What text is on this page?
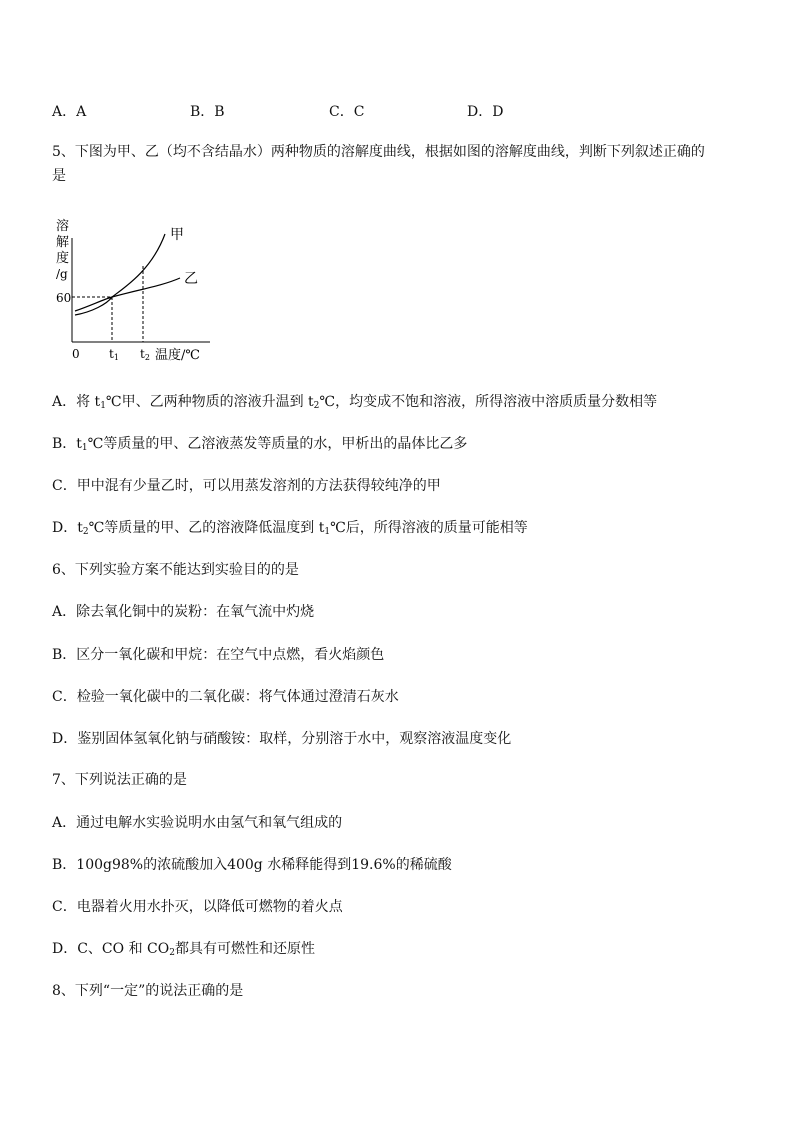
A．A	B．B	C．C	D．D
5、下图为甲、乙（均不含结晶水）两种物质的溶解度曲线，根据如图的溶解度曲线，判断下列叙述正确的
是
溶
解
度
/g
60
0 t1 t2 温度/℃
甲
乙
A．将 $t_1℃$甲、乙两种物质的溶液升温到 $t_2℃$，均变成不饱和溶液，所得溶液中溶质质量分数相等
B．$t_1℃$等质量的甲、乙溶液蒸发等质量的水，甲析出的晶体比乙多
C．甲中混有少量乙时，可以用蒸发溶剂的方法获得较纯净的甲
D．$t_2℃$等质量的甲、乙的溶液降低温度到 $t_1℃$后，所得溶液的质量可能相等
6、下列实验方案不能达到实验目的的是
A．除去氧化铜中的炭粉：在氧气流中灼烧
B．区分一氧化碳和甲烷：在空气中点燃，看火焰颜色
C．检验一氧化碳中的二氧化碳：将气体通过澄清石灰水
D．鉴别固体氢氧化钠与硝酸铵：取样，分别溶于水中，观察溶液温度变化
7、下列说法正确的是
A．通过电解水实验说明水由氢气和氧气组成的
B．100g98%的浓硫酸加入400g 水稀释能得到19.6%的稀硫酸
C．电器着火用水扑灭，以降低可燃物的着火点
D．C、CO 和 $CO_2$都具有可燃性和还原性
8、下列“一定”的说法正确的是
